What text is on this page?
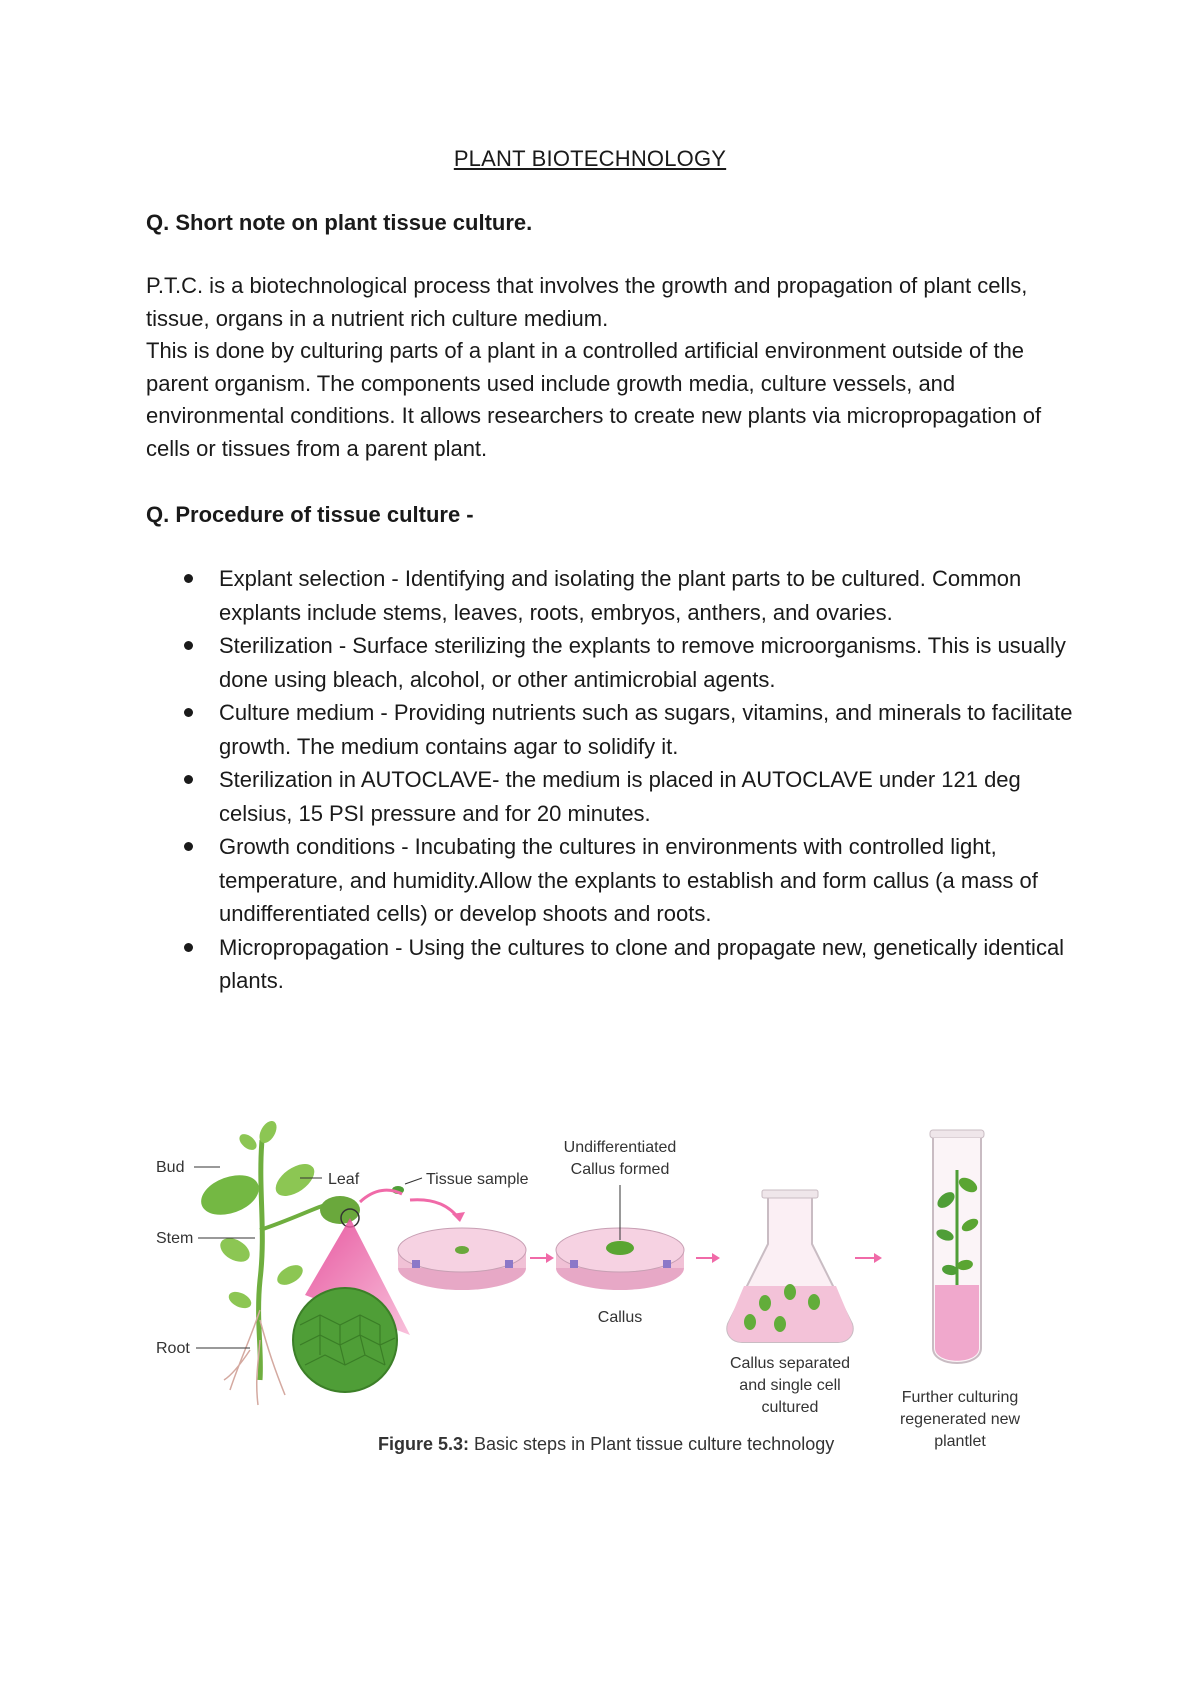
PLANT BIOTECHNOLOGY
Q. Short note on plant tissue culture.

P.T.C. is a biotechnological process that involves the growth and propagation of plant cells, tissue, organs in a nutrient rich culture medium.

This is done by culturing parts of a plant in a controlled artificial environment outside of the parent organism. The components used include growth media, culture vessels, and environmental conditions. It allows researchers to create new plants via micropropagation of cells or tissues from a parent plant.

Q. Procedure of tissue culture -
Explant selection - Identifying and isolating the plant parts to be cultured. Common explants include stems, leaves, roots, embryos, anthers, and ovaries.
Sterilization - Surface sterilizing the explants to remove microorganisms. This is usually done using bleach, alcohol, or other antimicrobial agents.
Culture medium - Providing nutrients such as sugars, vitamins, and minerals to facilitate growth. The medium contains agar to solidify it.
Sterilization in AUTOCLAVE- the medium is placed in AUTOCLAVE under 121 deg celsius, 15 PSI pressure and for 20 minutes.
Growth conditions - Incubating the cultures in environments with controlled light, temperature, and humidity.Allow the explants to establish and form callus (a mass of undifferentiated cells) or develop shoots and roots.
Micropropagation - Using the cultures to clone and propagate new, genetically identical plants.
Bud
Stem
Root
Leaf	Tissue sample
Undifferentiated
Callus formed
Callus
Callus separated
and single cell
cultured
Further culturing
regenerated new
plantlet
Figure 5.3: Basic steps in Plant tissue culture technology
